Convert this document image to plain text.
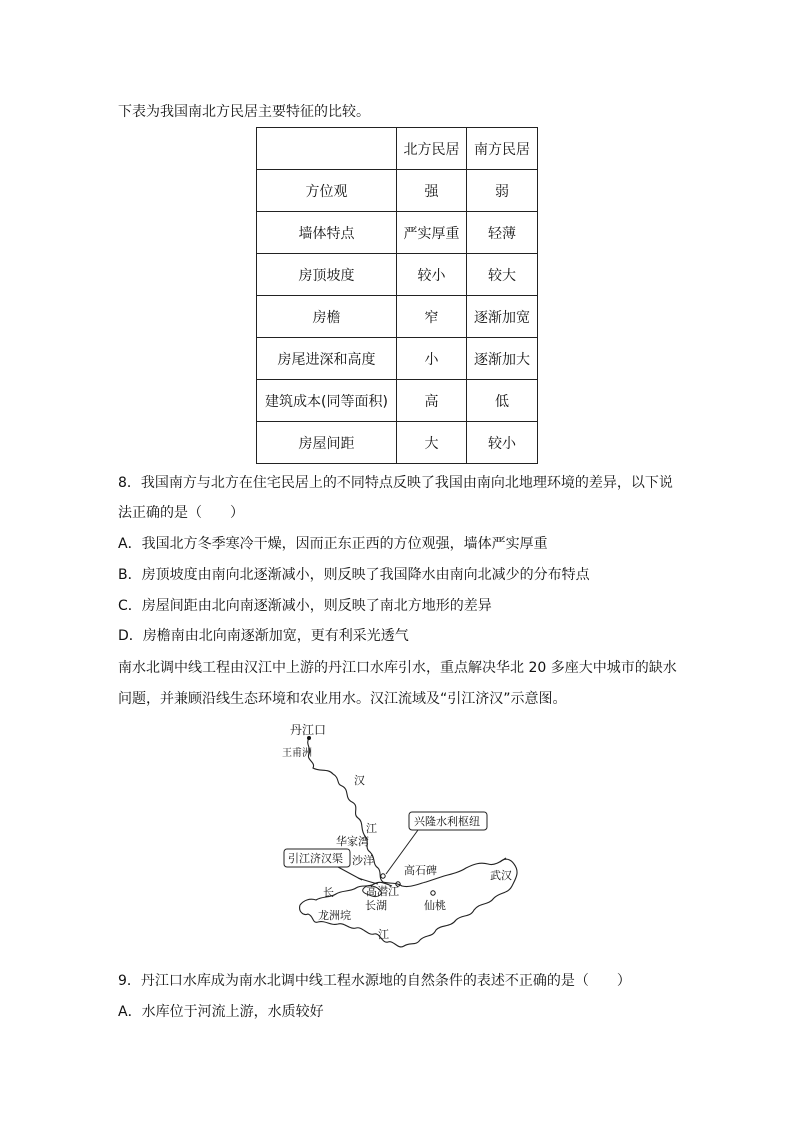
下表为我国南北方民居主要特征的比较。
	北方民居	南方民居
方位观	强	弱
墙体特点	严实厚重	轻薄
房顶坡度	较小	较大
房檐	窄	逐渐加宽
房尾进深和高度	小	逐渐加大
建筑成本(同等面积)	高	低
房屋间距	大	较小
8．我国南方与北方在住宅民居上的不同特点反映了我国由南向北地理环境的差异，以下说
法正确的是（　　）
A．我国北方冬季寒冷干燥，因而正东正西的方位观强，墙体严实厚重
B．房顶坡度由南向北逐渐减小，则反映了我国降水由南向北减少的分布特点
C．房屋间距由北向南逐渐减小，则反映了南北方地形的差异
D．房檐南由北向南逐渐加宽，更有利采光透气
南水北调中线工程由汉江中上游的丹江口水库引水，重点解决华北 20 多座大中城市的缺水
问题，并兼顾沿线生态环境和农业用水。汉江流域及“引江济汉”示意图。
丹江口
王甫洲
汉
江
华家湾
沙洋
兴隆水利枢纽
引江济汉渠
高石碑	武汉
长	高潜江
长湖	仙桃
龙洲垸
江
9．丹江口水库成为南水北调中线工程水源地的自然条件的表述不正确的是（　　）
A．水库位于河流上游，水质较好
